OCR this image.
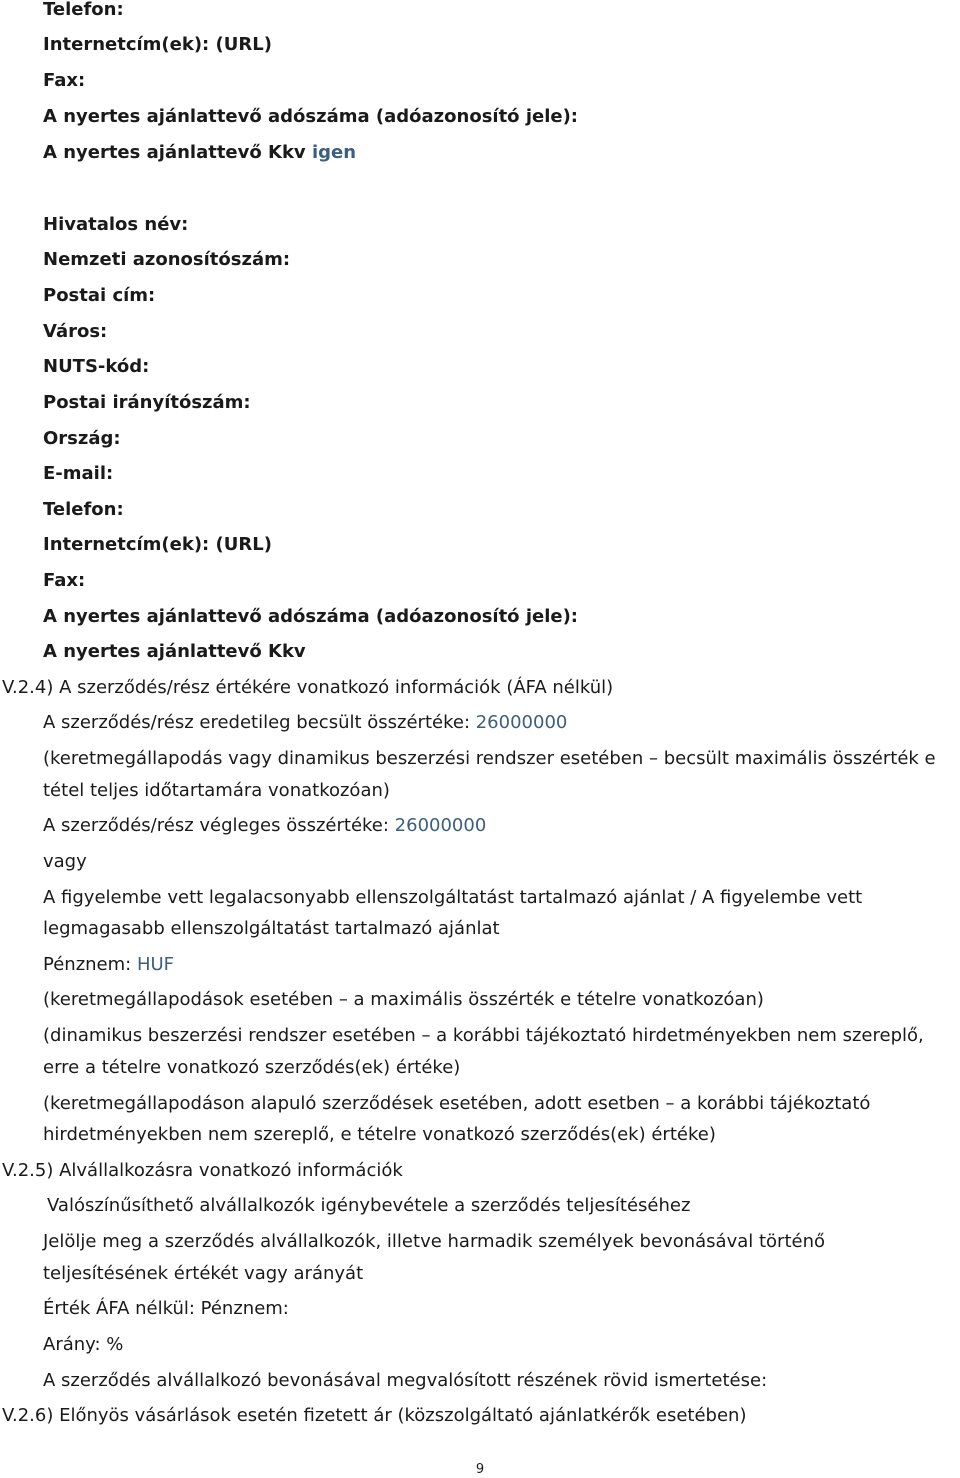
Telefon:
Internetcím(ek): (URL)
Fax:
A nyertes ajánlattevő adószáma (adóazonosító jele):
A nyertes ajánlattevő Kkv igen
Hivatalos név:
Nemzeti azonosítószám:
Postai cím:
Város:
NUTS-kód:
Postai irányítószám:
Ország:
E-mail:
Telefon:
Internetcím(ek): (URL)
Fax:
A nyertes ajánlattevő adószáma (adóazonosító jele):
A nyertes ajánlattevő Kkv
V.2.4) A szerződés/rész értékére vonatkozó információk (ÁFA nélkül)
A szerződés/rész eredetileg becsült összértéke: 26000000
(keretmegállapodás vagy dinamikus beszerzési rendszer esetében – becsült maximális összérték e
tétel teljes időtartamára vonatkozóan)
A szerződés/rész végleges összértéke: 26000000
vagy
A figyelembe vett legalacsonyabb ellenszolgáltatást tartalmazó ajánlat / A figyelembe vett
legmagasabb ellenszolgáltatást tartalmazó ajánlat
Pénznem: HUF
(keretmegállapodások esetében – a maximális összérték e tételre vonatkozóan)
(dinamikus beszerzési rendszer esetében – a korábbi tájékoztató hirdetményekben nem szereplő,
erre a tételre vonatkozó szerződés(ek) értéke)
(keretmegállapodáson alapuló szerződések esetében, adott esetben – a korábbi tájékoztató
hirdetményekben nem szereplő, e tételre vonatkozó szerződés(ek) értéke)
V.2.5) Alvállalkozásra vonatkozó információk
Valószínűsíthető alvállalkozók igénybevétele a szerződés teljesítéséhez
Jelölje meg a szerződés alvállalkozók, illetve harmadik személyek bevonásával történő
teljesítésének értékét vagy arányát
Érték ÁFA nélkül: Pénznem:
Arány: %
A szerződés alvállalkozó bevonásával megvalósított részének rövid ismertetése:
V.2.6) Előnyös vásárlások esetén fizetett ár (közszolgáltató ajánlatkérők esetében)
9
